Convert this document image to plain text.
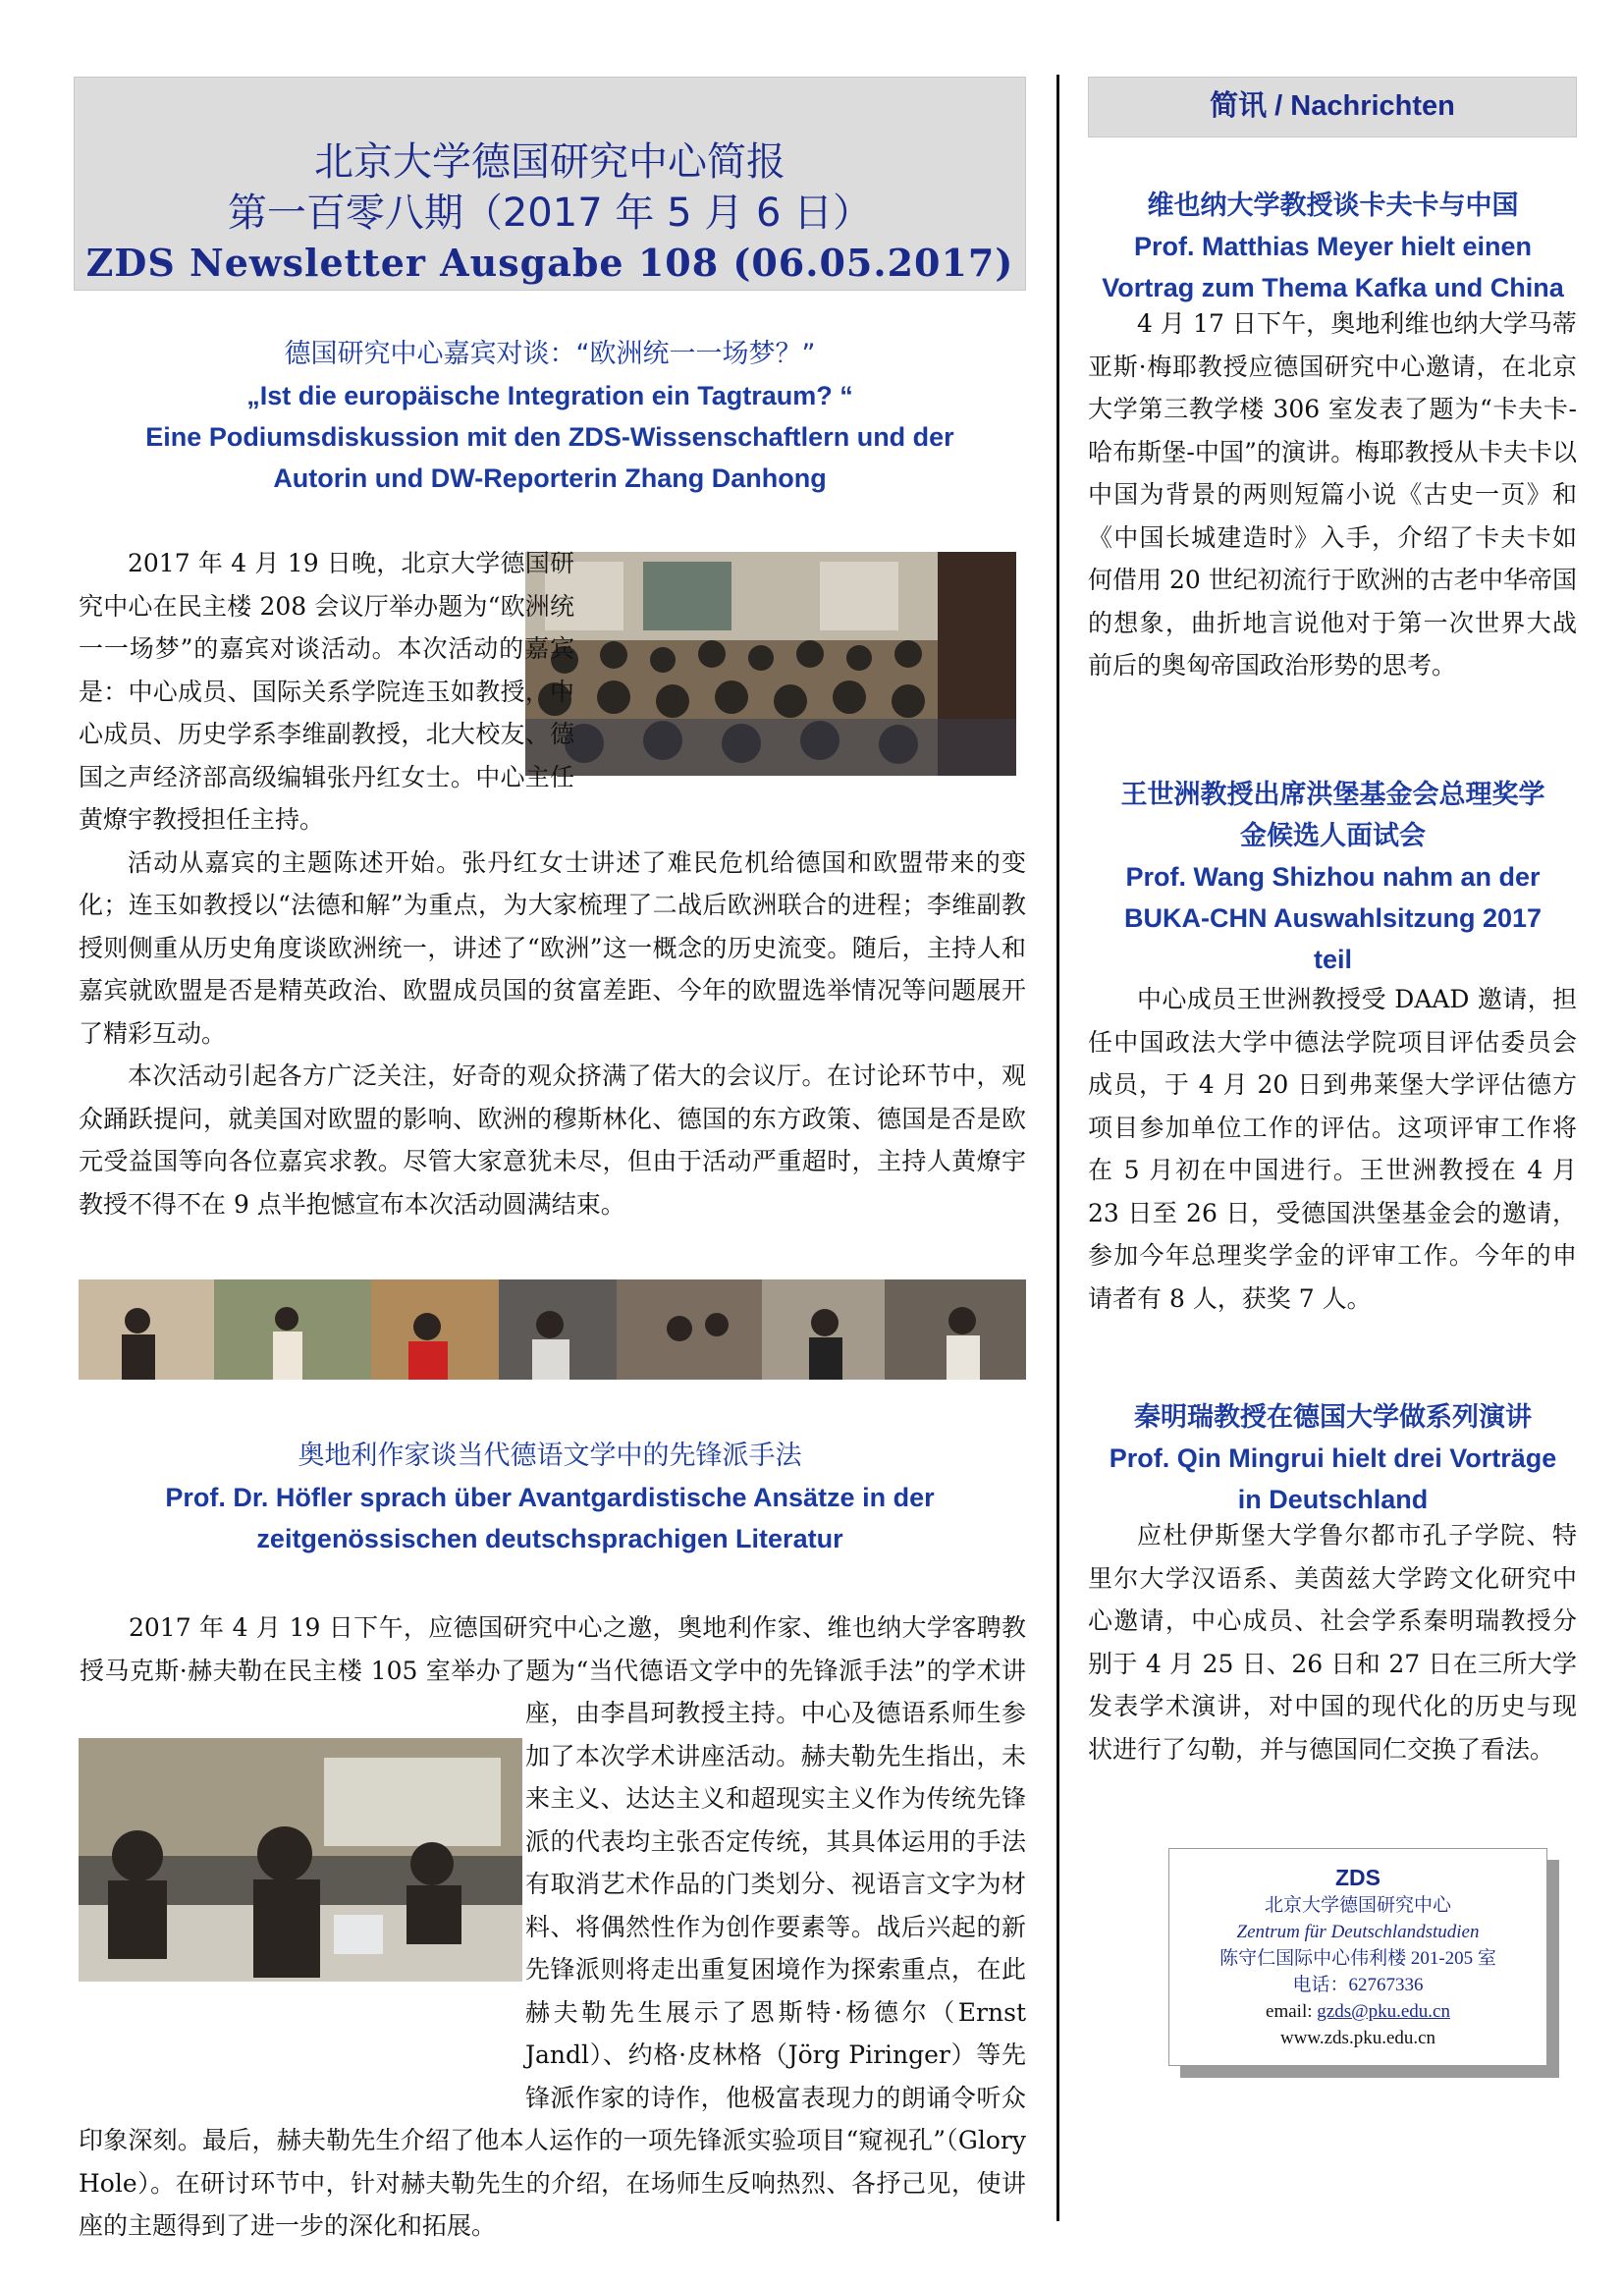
北京大学德国研究中心简报
第一百零八期（2017 年 5 月 6 日）
ZDS Newsletter Ausgabe 108 (06.05.2017)
德国研究中心嘉宾对谈：“欧洲统一一场梦？”
„Ist die europäische Integration ein Tagtraum? “
Eine Podiumsdiskussion mit den ZDS-Wissenschaftlern und der
Autorin und DW-Reporterin Zhang Danhong

2017 年 4 月 19 日晚，北京大学德国研究中心在民主楼 208 会议厅举办题为“欧洲统一一场梦”的嘉宾对谈活动。本次活动的嘉宾是：中心成员、国际关系学院连玉如教授，中心成员、历史学系李维副教授，北大校友、德国之声经济部高级编辑张丹红女士。中心主任黄燎宇教授担任主持。

活动从嘉宾的主题陈述开始。张丹红女士讲述了难民危机给德国和欧盟带来的变化；连玉如教授以“法德和解”为重点，为大家梳理了二战后欧洲联合的进程；李维副教授则侧重从历史角度谈欧洲统一，讲述了“欧洲”这一概念的历史流变。随后，主持人和嘉宾就欧盟是否是精英政治、欧盟成员国的贫富差距、今年的欧盟选举情况等问题展开了精彩互动。

本次活动引起各方广泛关注，好奇的观众挤满了偌大的会议厅。在讨论环节中，观众踊跃提问，就美国对欧盟的影响、欧洲的穆斯林化、德国的东方政策、德国是否是欧元受益国等向各位嘉宾求教。尽管大家意犹未尽，但由于活动严重超时，主持人黄燎宇教授不得不在 9 点半抱憾宣布本次活动圆满结束。

奥地利作家谈当代德语文学中的先锋派手法
Prof. Dr. Höfler sprach über Avantgardistische Ansätze in der
zeitgenössischen deutschsprachigen Literatur

2017 年 4 月 19 日下午，应德国研究中心之邀，奥地利作家、维也纳大学客聘教授马克斯·赫夫勒在民主楼 105 室举办了题为“当代德语文学中的先锋派手法”的学术讲座，由李昌珂教授主持。中心及德语系师生参加了本次学术讲座活动。赫夫勒先生指出，未来主义、达达主义和超现实主义作为传统先锋派的代表均主张否定传统，其具体运用的手法有取消艺术作品的门类划分、视语言文字为材料、将偶然性作为创作要素等。战后兴起的新先锋派则将走出重复困境作为探索重点，在此赫夫勒先生展示了恩斯特·杨德尔（Ernst Jandl）、约格·皮林格（Jörg Piringer）等先锋派作家的诗作，他极富表现力的朗诵令听众印象深刻。最后，赫夫勒先生介绍了他本人运作的一项先锋派实验项目“窥视孔”（Glory Hole）。在研讨环节中，针对赫夫勒先生的介绍，在场师生反响热烈、各抒己见，使讲座的主题得到了进一步的深化和拓展。

简讯 / Nachrichten
维也纳大学教授谈卡夫卡与中国
Prof. Matthias Meyer hielt einen
Vortrag zum Thema Kafka und China

4 月 17 日下午，奥地利维也纳大学马蒂亚斯·梅耶教授应德国研究中心邀请，在北京大学第三教学楼 306 室发表了题为“卡夫卡-哈布斯堡-中国”的演讲。梅耶教授从卡夫卡以中国为背景的两则短篇小说《古史一页》和《中国长城建造时》入手，介绍了卡夫卡如何借用 20 世纪初流行于欧洲的古老中华帝国的想象，曲折地言说他对于第一次世界大战前后的奥匈帝国政治形势的思考。

王世洲教授出席洪堡基金会总理奖学
金候选人面试会
Prof. Wang Shizhou nahm an der
BUKA-CHN Auswahlsitzung 2017
teil

中心成员王世洲教授受 DAAD 邀请，担任中国政法大学中德法学院项目评估委员会成员，于 4 月 20 日到弗莱堡大学评估德方项目参加单位工作的评估。这项评审工作将在 5 月初在中国进行。王世洲教授在 4 月 23 日至 26 日，受德国洪堡基金会的邀请，参加今年总理奖学金的评审工作。今年的申请者有 8 人，获奖 7 人。

秦明瑞教授在德国大学做系列演讲
Prof. Qin Mingrui hielt drei Vorträge
in Deutschland

应杜伊斯堡大学鲁尔都市孔子学院、特里尔大学汉语系、美茵兹大学跨文化研究中心邀请，中心成员、社会学系秦明瑞教授分别于 4 月 25 日、26 日和 27 日在三所大学发表学术演讲，对中国的现代化的历史与现状进行了勾勒，并与德国同仁交换了看法。

ZDS
北京大学德国研究中心
Zentrum für Deutschlandstudien
陈守仁国际中心伟利楼 201-205 室
电话：62767336
email: gzds@pku.edu.cn
www.zds.pku.edu.cn
